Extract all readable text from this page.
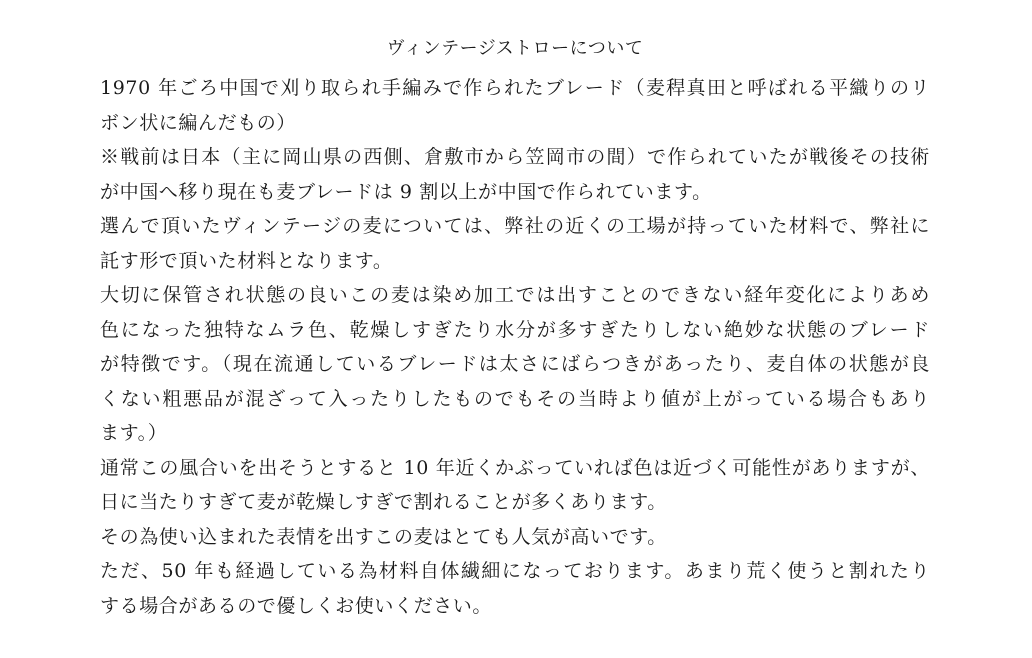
ヴィンテージストローについて

1970 年ごろ中国で刈り取られ手編みで作られたブレード（麦稈真田と呼ばれる平織りのリ
ボン状に編んだもの）

※戦前は日本（主に岡山県の西側、倉敷市から笠岡市の間）で作られていたが戦後その技術
が中国へ移り現在も麦ブレードは 9 割以上が中国で作られています。

選んで頂いたヴィンテージの麦については、弊社の近くの工場が持っていた材料で、弊社に
託す形で頂いた材料となります。

大切に保管され状態の良いこの麦は染め加工では出すことのできない経年変化によりあめ
色になった独特なムラ色、乾燥しすぎたり水分が多すぎたりしない絶妙な状態のブレード
が特徴です。（現在流通しているブレードは太さにばらつきがあったり、麦自体の状態が良
くない粗悪品が混ざって入ったりしたものでもその当時より値が上がっている場合もあり
ます。）

通常この風合いを出そうとすると 10 年近くかぶっていれば色は近づく可能性がありますが、日に当たりすぎて麦が乾燥しすぎで割れることが多くあります。

その為使い込まれた表情を出すこの麦はとても人気が高いです。

ただ、50 年も経過している為材料自体繊細になっております。あまり荒く使うと割れたり
する場合があるので優しくお使いください。
